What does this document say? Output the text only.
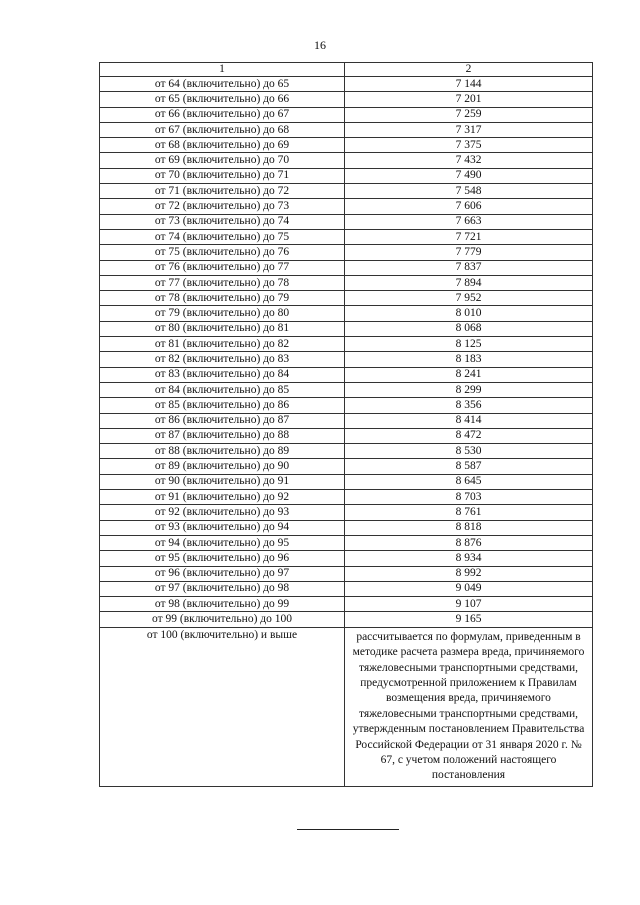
16
1	2
от 64 (включительно) до 65	7 144
от 65 (включительно) до 66	7 201
от 66 (включительно) до 67	7 259
от 67 (включительно) до 68	7 317
от 68 (включительно) до 69	7 375
от 69 (включительно) до 70	7 432
от 70 (включительно) до 71	7 490
от 71 (включительно) до 72	7 548
от 72 (включительно) до 73	7 606
от 73 (включительно) до 74	7 663
от 74 (включительно) до 75	7 721
от 75 (включительно) до 76	7 779
от 76 (включительно) до 77	7 837
от 77 (включительно) до 78	7 894
от 78 (включительно) до 79	7 952
от 79 (включительно) до 80	8 010
от 80 (включительно) до 81	8 068
от 81 (включительно) до 82	8 125
от 82 (включительно) до 83	8 183
от 83 (включительно) до 84	8 241
от 84 (включительно) до 85	8 299
от 85 (включительно) до 86	8 356
от 86 (включительно) до 87	8 414
от 87 (включительно) до 88	8 472
от 88 (включительно) до 89	8 530
от 89 (включительно) до 90	8 587
от 90 (включительно) до 91	8 645
от 91 (включительно) до 92	8 703
от 92 (включительно) до 93	8 761
от 93 (включительно) до 94	8 818
от 94 (включительно) до 95	8 876
от 95 (включительно) до 96	8 934
от 96 (включительно) до 97	8 992
от 97 (включительно) до 98	9 049
от 98 (включительно) до 99	9 107
от 99 (включительно) до 100	9 165
от 100 (включительно) и выше	рассчитывается по формулам, приведенным в методике расчета размера вреда, причиняемого тяжеловесными транспортными средствами, предусмотренной приложением к Правилам возмещения вреда, причиняемого тяжеловесными транспортными средствами, утвержденным постановлением Правительства Российской Федерации от 31 января 2020 г. № 67, с учетом положений настоящего постановления
